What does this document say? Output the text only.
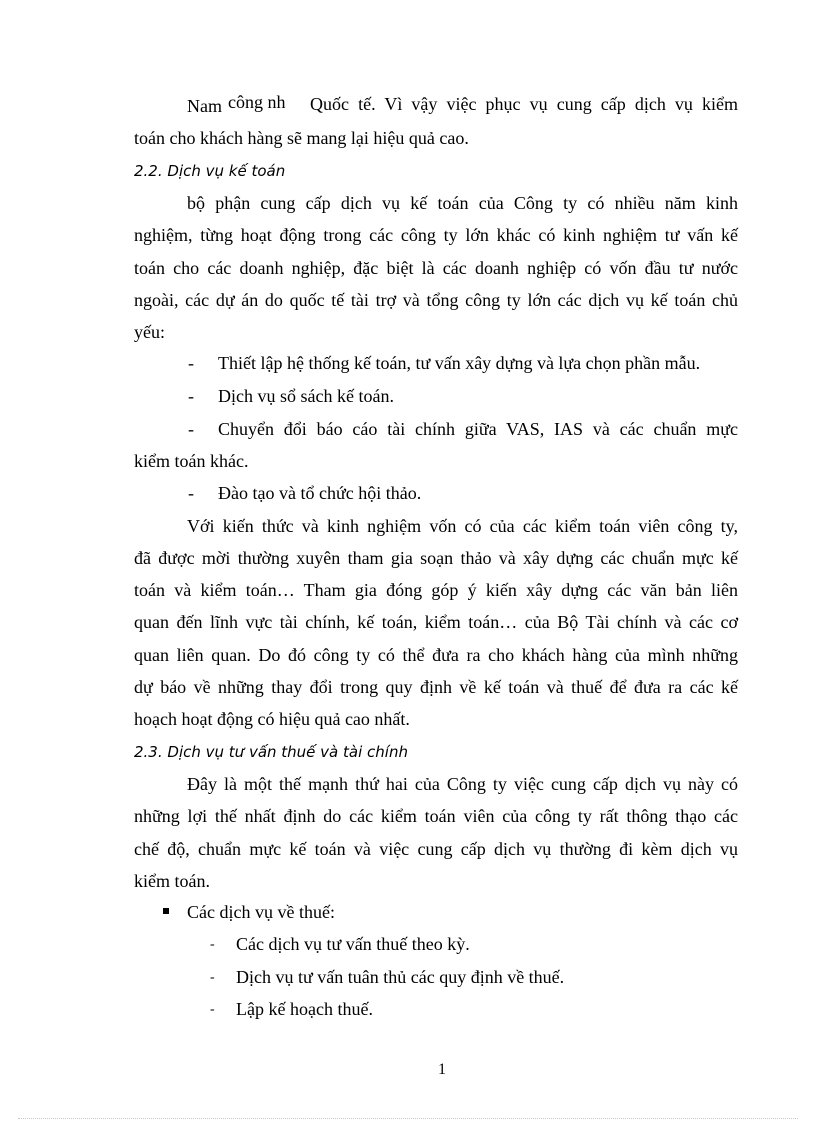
Nam công nh Quốc tế. Vì vậy việc phục vụ cung cấp dịch vụ kiểm
toán cho khách hàng sẽ mang lại hiệu quả cao.
2.2. Dịch vụ kế toán
bộ phận cung cấp dịch vụ kế toán của Công ty có nhiều năm kinh
nghiệm, từng hoạt động trong các công ty lớn khác có kinh nghiệm tư vấn kế
toán cho các doanh nghiệp, đặc biệt là các doanh nghiệp có vốn đầu tư nước
ngoài, các dự án do quốc tế tài trợ và tổng công ty lớn các dịch vụ kế toán chủ
yếu:
- Thiết lập hệ thống kế toán, tư vấn xây dựng và lựa chọn phần mẫu.
- Dịch vụ sổ sách kế toán.
- Chuyển đổi báo cáo tài chính giữa VAS, IAS và các chuẩn mực
kiểm toán khác.
- Đào tạo và tổ chức hội thảo.
Với kiến thức và kinh nghiệm vốn có của các kiểm toán viên công ty,
đã được mời thường xuyên tham gia soạn thảo và xây dựng các chuẩn mực kế
toán và kiểm toán… Tham gia đóng góp ý kiến xây dựng các văn bản liên
quan đến lĩnh vực tài chính, kế toán, kiểm toán… của Bộ Tài chính và các cơ
quan liên quan. Do đó công ty có thể đưa ra cho khách hàng của mình những
dự báo về những thay đổi trong quy định về kế toán và thuế để đưa ra các kế
hoạch hoạt động có hiệu quả cao nhất.
2.3. Dịch vụ tư vấn thuế và tài chính
Đây là một thế mạnh thứ hai của Công ty việc cung cấp dịch vụ này có
những lợi thế nhất định do các kiểm toán viên của công ty rất thông thạo các
chế độ, chuẩn mực kế toán và việc cung cấp dịch vụ thường đi kèm dịch vụ
kiểm toán.
Các dịch vụ về thuế:
- Các dịch vụ tư vấn thuế theo kỳ.
- Dịch vụ tư vấn tuân thủ các quy định về thuế.
- Lập kế hoạch thuế.
1
